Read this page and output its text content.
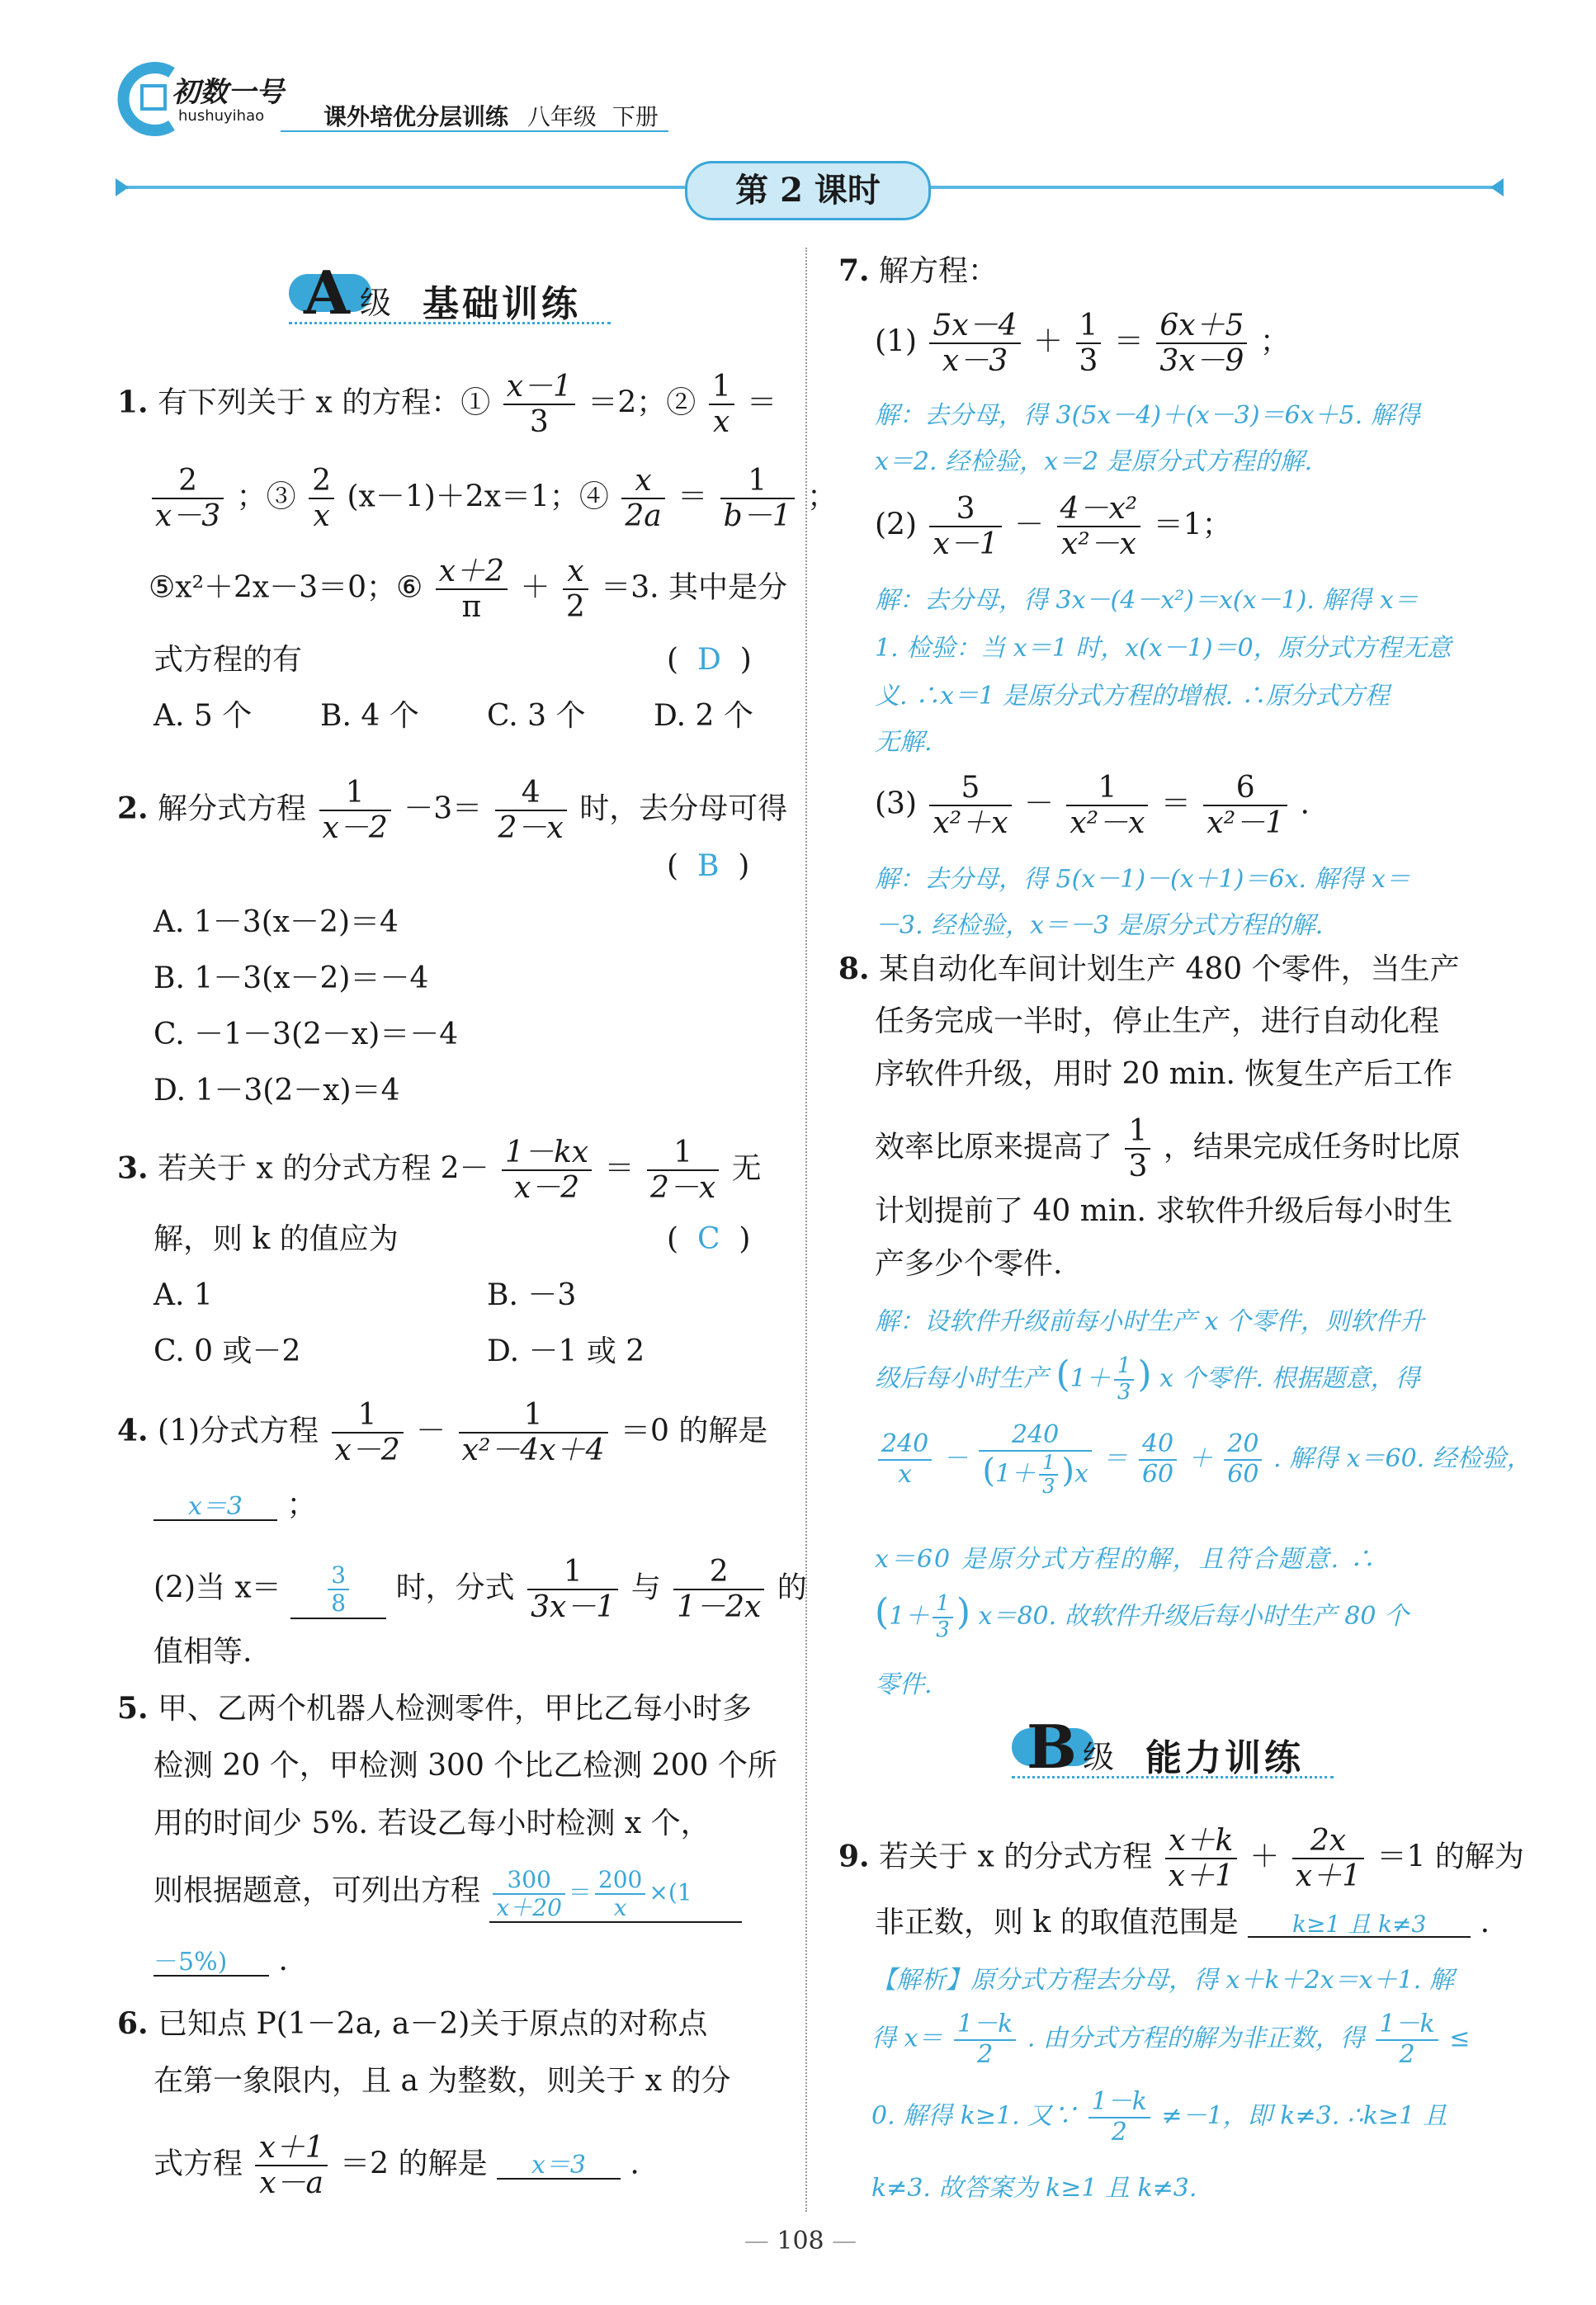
初数一号
hushuyihao	课外培优分层训练 八年级 下册
第 2 课时
A 级 基础训练
1. 有下列关于 x 的方程：① $\frac{x-1}{3} =2$；② $\frac{1}{x}$ ＝
$\frac{2}{x-3}$ ；③ $\frac{2}{x} (x-1)+2x=1$；④ $\frac{x}{2a} = \frac{1}{b-1}$ ；
⑤x²＋2x－3＝0；⑥ $\frac{x+2}{\pi} + \frac{x}{2} =3$. 其中是分
式方程的有	(  D  )
A. 5 个 B. 4 个 C. 3 个 D. 2 个
2. 解分式方程 $\frac{1}{x-2} -3= \frac{4}{2-x}$ 时，去分母可得
(  B  )
A. 1－3(x－2)＝4
B. 1－3(x－2)＝－4
C. －1－3(2－x)＝－4
D. 1－3(2－x)＝4
3. 若关于 x 的分式方程 $2- \frac{1-kx}{x-2} = \frac{1}{2-x}$ 无
解，则 k 的值应为	(  C  )
A. 1	B. －3
C. 0 或－2	D. －1 或 2
4. (1)分式方程 $\frac{1}{x-2} - \frac{1}{\text{x²－4x＋4}} =0$ 的解是
x＝3 ；
(2)当 $x= \frac{3}{8}$ 时，分式 $\frac{1}{3x-1}$ 与 $\frac{2}{1-2x}$ 的
值相等.
5. 甲、乙两个机器人检测零件，甲比乙每小时多
检测 20 个，甲检测 300 个比乙检测 200 个所
用的时间少 5%. 若设乙每小时检测 x 个，
则根据题意，可列出方程 $\frac{300}{x+20} = \frac{200}{x} \times(1$
－5%) .
6. 已知点 P(1－2a, a－2)关于原点的对称点
在第一象限内，且 a 为整数，则关于 x 的分
式方程 $\frac{x+1}{x-a} =2$ 的解是 x＝3 .
7. 解方程：
$(1) \frac{5x-4}{x-3} + \frac{1}{3} = \frac{6x+5}{3x-9}$ ；
解：去分母，得 3(5x－4)＋(x－3)＝6x＋5. 解得
x＝2. 经检验，x＝2 是原分式方程的解.
$(2) \frac{3}{x-1} - \frac{\text{4－x²}}{\text{x²－x}} =1$；
解：去分母，得 3x－(4－x²)＝x(x－1). 解得 x＝
1. 检验：当 x＝1 时，x(x－1)＝0，原分式方程无意
义. ∴x＝1 是原分式方程的增根. ∴原分式方程
无解.
$(3) \frac{5}{\text{x²＋x}} - \frac{1}{\text{x²－x}} = \frac{6}{\text{x²－1}}$ .
解：去分母，得 5(x－1)－(x＋1)＝6x. 解得 x＝
－3. 经检验，x＝－3 是原分式方程的解.
8. 某自动化车间计划生产 480 个零件，当生产
任务完成一半时，停止生产，进行自动化程
序软件升级，用时 20 min. 恢复生产后工作
效率比原来提高了 $\frac{1}{3}$ ，结果完成任务时比原
计划提前了 40 min. 求软件升级后每小时生
产多少个零件.
解：设软件升级前每小时生产 x 个零件，则软件升
级后每小时生产 ($1+ \frac{1}{3}$ ) x 个零件. 根据题意，得
$\frac{240}{x} - \frac{240}{(1+ \frac{1}{3} )x} = \frac{40}{60} + \frac{20}{60}$ . 解得 x＝60. 经检验，
x＝60 是原分式方程的解，且符合题意. ∴
($1+ \frac{1}{3}$ ) x＝80. 故软件升级后每小时生产 80 个
零件.
B 级 能力训练
9. 若关于 x 的分式方程 $\frac{x+k}{x+1} + \frac{2x}{x+1} =1$ 的解为
非正数，则 k 的取值范围是 k≥1 且 k≠3 .
【解析】原分式方程去分母，得 x＋k＋2x＝x＋1. 解
得 $x= \frac{1-k}{2}$ . 由分式方程的解为非正数，得 $\frac{1-k}{2}$ ≤
0. 解得 k≥1. 又∵ $\frac{1-k}{2} \ne-1$，即 k≠3. ∴k≥1 且
k≠3. 故答案为 k≥1 且 k≠3.
— 108 —
